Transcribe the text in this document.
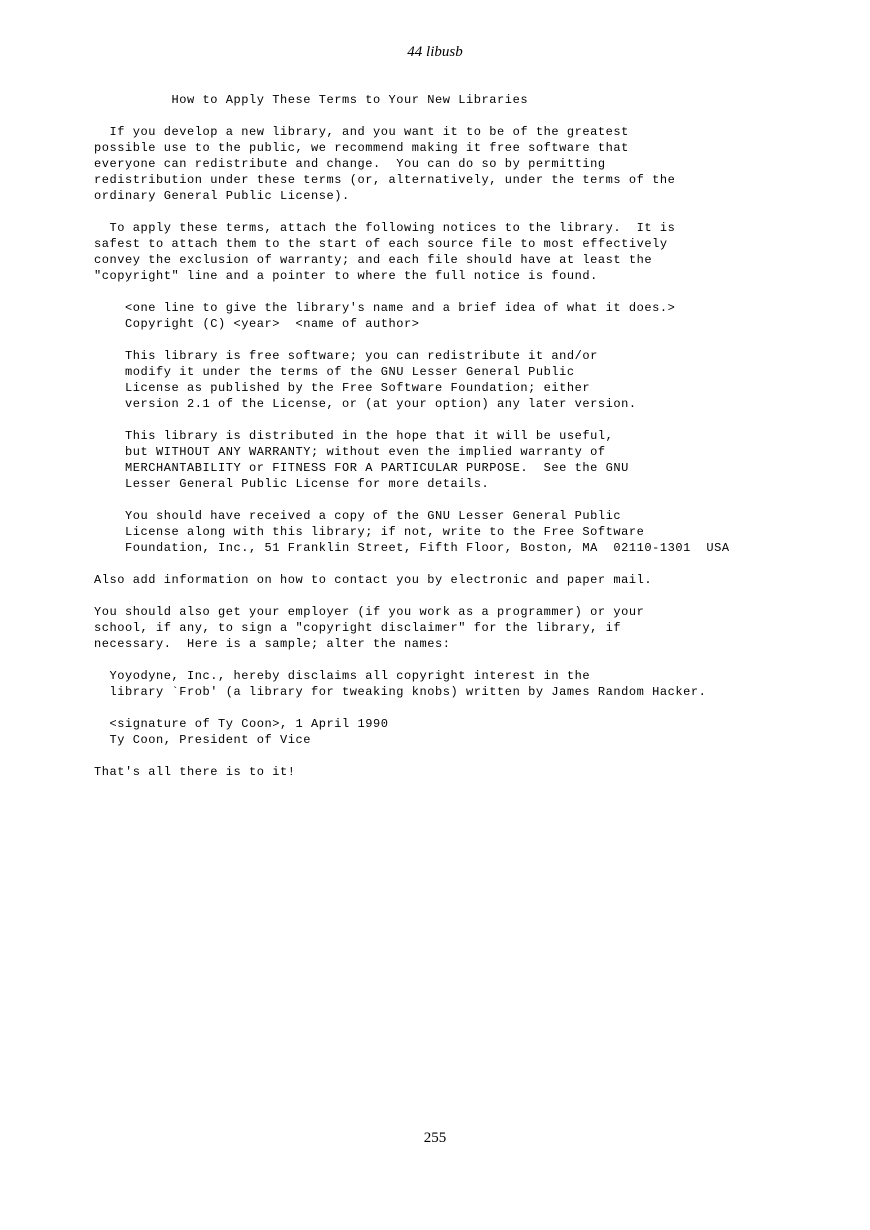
44 libusb
How to Apply These Terms to Your New Libraries
If you develop a new library, and you want it to be of the greatest
possible use to the public, we recommend making it free software that
everyone can redistribute and change.  You can do so by permitting
redistribution under these terms (or, alternatively, under the terms of the
ordinary General Public License).
To apply these terms, attach the following notices to the library.  It is
safest to attach them to the start of each source file to most effectively
convey the exclusion of warranty; and each file should have at least the
"copyright" line and a pointer to where the full notice is found.
<one line to give the library's name and a brief idea of what it does.>
Copyright (C) <year>  <name of author>
This library is free software; you can redistribute it and/or
modify it under the terms of the GNU Lesser General Public
License as published by the Free Software Foundation; either
version 2.1 of the License, or (at your option) any later version.
This library is distributed in the hope that it will be useful,
but WITHOUT ANY WARRANTY; without even the implied warranty of
MERCHANTABILITY or FITNESS FOR A PARTICULAR PURPOSE.  See the GNU
Lesser General Public License for more details.
You should have received a copy of the GNU Lesser General Public
License along with this library; if not, write to the Free Software
Foundation, Inc., 51 Franklin Street, Fifth Floor, Boston, MA  02110-1301  USA
Also add information on how to contact you by electronic and paper mail.
You should also get your employer (if you work as a programmer) or your
school, if any, to sign a "copyright disclaimer" for the library, if
necessary.  Here is a sample; alter the names:
Yoyodyne, Inc., hereby disclaims all copyright interest in the
library `Frob' (a library for tweaking knobs) written by James Random Hacker.
<signature of Ty Coon>, 1 April 1990
Ty Coon, President of Vice
That's all there is to it!
255
